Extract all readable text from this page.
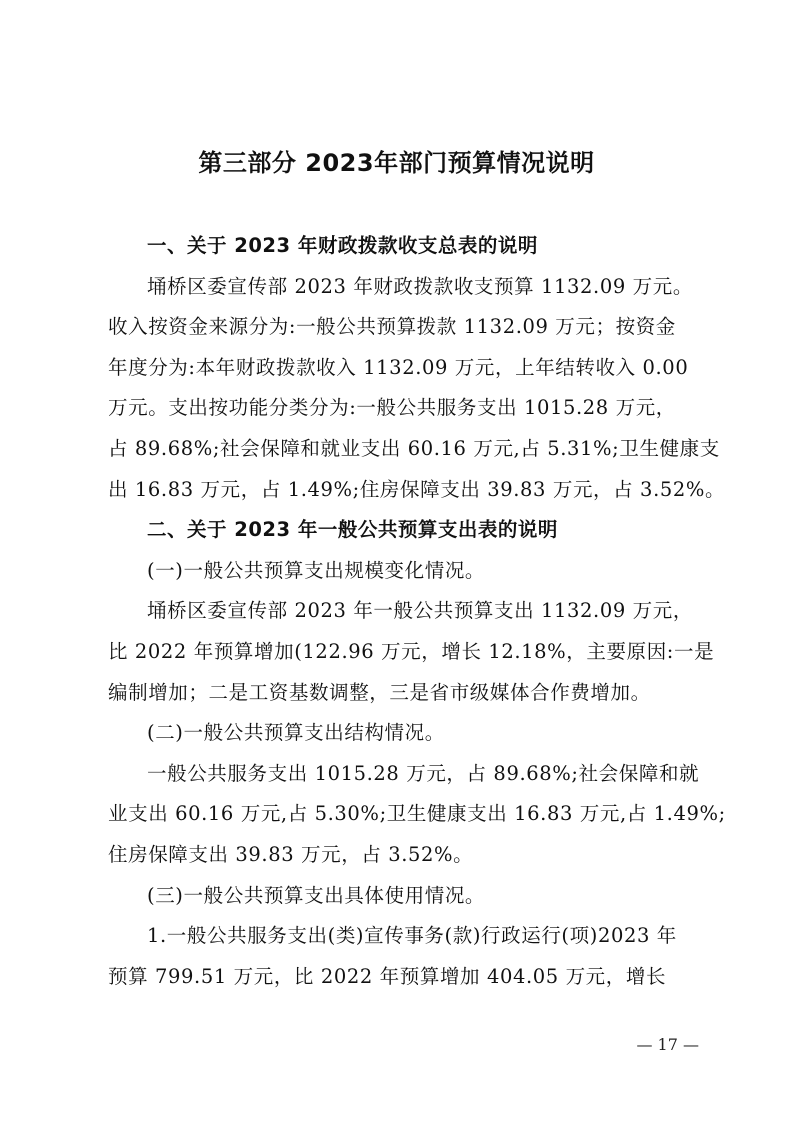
第三部分 2023年部门预算情况说明
一、关于 2023 年财政拨款收支总表的说明
埇桥区委宣传部 2023 年财政拨款收支预算 1132.09 万元。
收入按资金来源分为:一般公共预算拨款 1132.09 万元；按资金
年度分为:本年财政拨款收入 1132.09 万元，上年结转收入 0.00
万元。支出按功能分类分为:一般公共服务支出 1015.28 万元，
占 89.68%;社会保障和就业支出 60.16 万元,占 5.31%;卫生健康支
出 16.83 万元，占 1.49%;住房保障支出 39.83 万元，占 3.52%。
二、关于 2023 年一般公共预算支出表的说明
(一)一般公共预算支出规模变化情况。
埇桥区委宣传部 2023 年一般公共预算支出 1132.09 万元，
比 2022 年预算增加(122.96 万元，增长 12.18%，主要原因:一是
编制增加；二是工资基数调整，三是省市级媒体合作费增加。
(二)一般公共预算支出结构情况。
一般公共服务支出 1015.28 万元，占 89.68%;社会保障和就
业支出 60.16 万元,占 5.30%;卫生健康支出 16.83 万元,占 1.49%;
住房保障支出 39.83 万元，占 3.52%。
(三)一般公共预算支出具体使用情况。
1.一般公共服务支出(类)宣传事务(款)行政运行(项)2023 年
预算 799.51 万元，比 2022 年预算增加 404.05 万元，增长
— 17 —
